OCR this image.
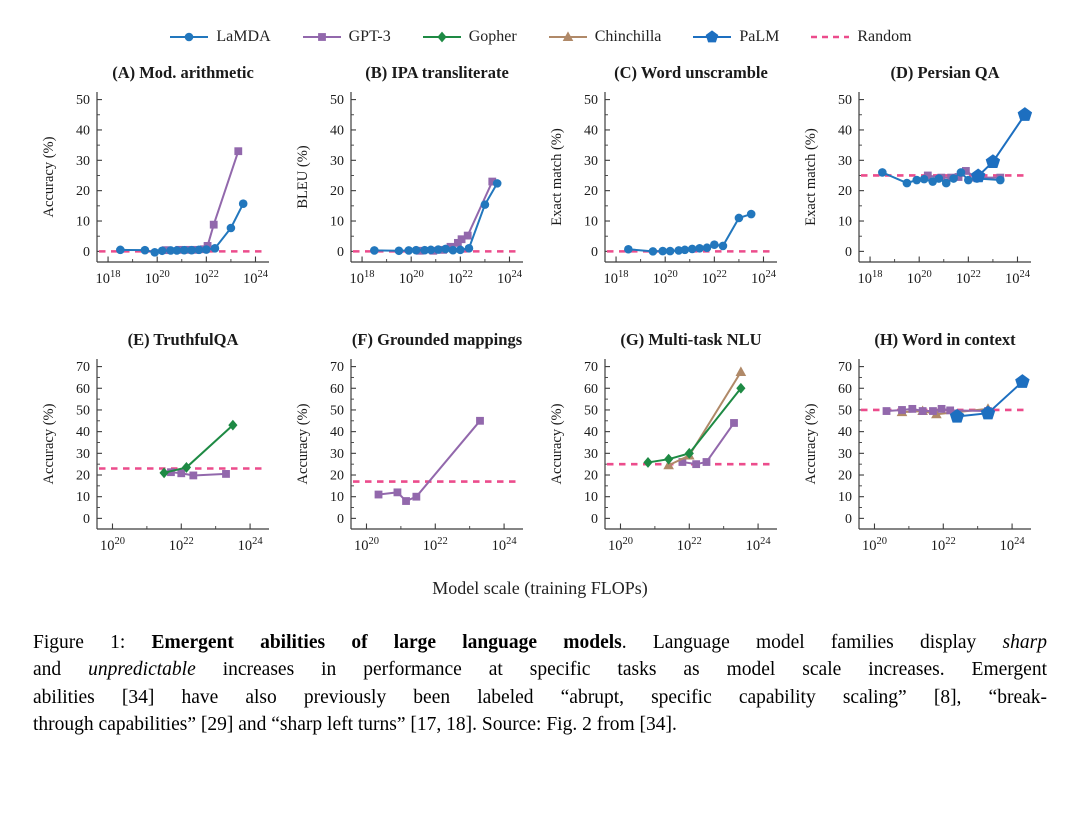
LaMDA	GPT-3	Gopher	Chinchilla	PaLM	Random
(A) Mod. arithmetic
0
10
20
30
40
50
$10^{18}$ $10^{20}$ $10^{22}$ $10^{24}$
Accuracy (%)
(B) IPA transliterate
0
10
20
30
40
50
$10^{18}$ $10^{20}$ $10^{22}$ $10^{24}$
BLEU (%)
(C) Word unscramble
0
10
20
30
40
50
$10^{18}$ $10^{20}$ $10^{22}$ $10^{24}$
Exact match (%)
(D) Persian QA
0
10
20
30
40
50
$10^{18}$ $10^{20}$ $10^{22}$ $10^{24}$
Exact match (%)
(E) TruthfulQA
0
10
20
30
40
50
60
70
$10^{20}$	$10^{22}$	$10^{24}$
Accuracy (%)
(F) Grounded mappings
0
10
20
30
40
50
60
70
$10^{20}$	$10^{22}$	$10^{24}$
Accuracy (%)
(G) Multi-task NLU
0
10
20
30
40
50
60
70
$10^{20}$	$10^{22}$	$10^{24}$
Accuracy (%)
(H) Word in context
0
10
20
30
40
50
60
70
$10^{20}$	$10^{22}$	$10^{24}$
Accuracy (%)
Model scale (training FLOPs)
Figure 1: Emergent abilities of large language models. Language model families display sharp
and unpredictable increases in performance at specific tasks as model scale increases. Emergent
abilities [34] have also previously been labeled “abrupt, specific capability scaling” [8], “break-
through capabilities” [29] and “sharp left turns” [17, 18]. Source: Fig. 2 from [34].
